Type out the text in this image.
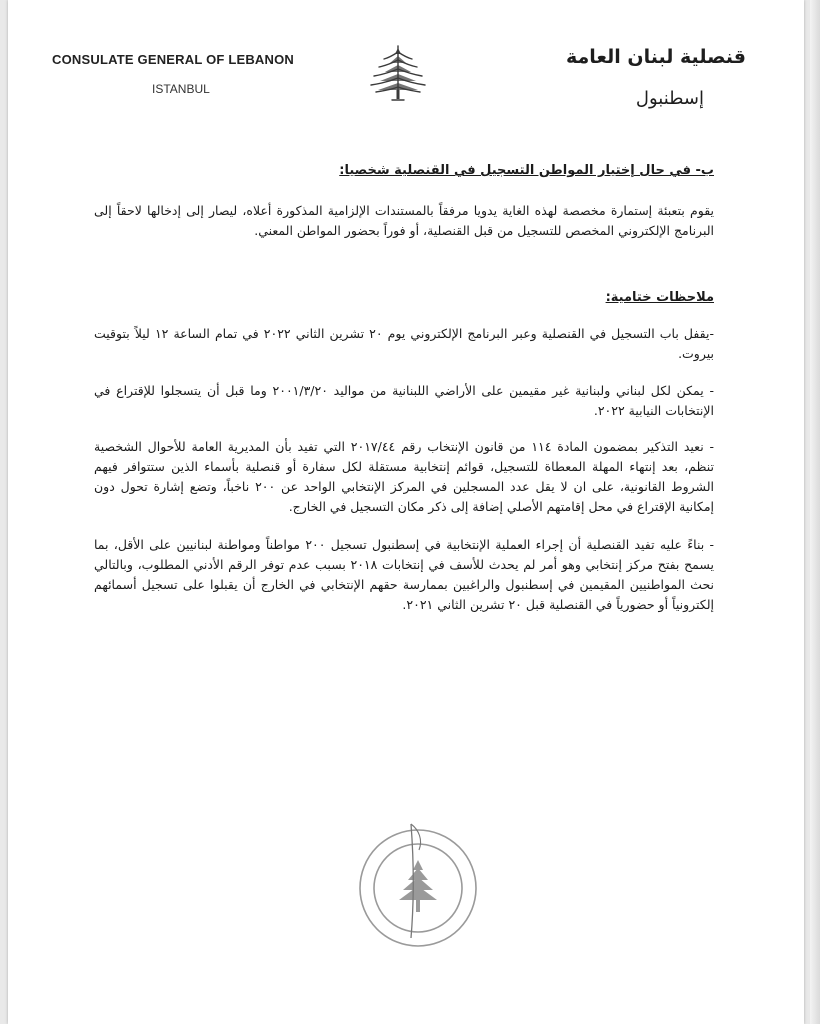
CONSULATE GENERAL OF LEBANON
ISTANBUL
قنصلية لبنان العامة
إسطنبول
ب- في حال إختيار المواطن التسجيل في القنصلية شخصيا:
يقوم بتعبئة إستمارة مخصصة لهذه الغاية يدويا مرفقاً بالمستندات الإلزامية المذكورة أعلاه، ليصار إلى إدخالها لاحقاً إلى البرنامج الإلكتروني المخصص للتسجيل من قبل القنصلية، أو فوراً بحضور المواطن المعني.
ملاحظات ختامية:
-يقفل باب التسجيل في القنصلية وعبر البرنامج الإلكتروني يوم ٢٠ تشرين الثاني ٢٠٢٢ في تمام الساعة ١٢ ليلاً بتوقيت بيروت.
- يمكن لكل لبناني ولبنانية غير مقيمين على الأراضي اللبنانية من مواليد ٢٠٠١/٣/٢٠ وما قبل أن يتسجلوا للإقتراع في الإنتخابات النيابية ٢٠٢٢.
- نعيد التذكير بمضمون المادة ١١٤ من قانون الإنتخاب رقم ٢٠١٧/٤٤ التي تفيد بأن المديرية العامة للأحوال الشخصية تنظم، بعد إنتهاء المهلة المعطاة للتسجيل، قوائم إنتخابية مستقلة لكل سفارة أو قنصلية بأسماء الذين ستتوافر فيهم الشروط القانونية، على ان لا يقل عدد المسجلين في المركز الإنتخابي الواحد عن ٢٠٠ ناخباً، وتضع إشارة تحول دون إمكانية الإقتراع في محل إقامتهم الأصلي إضافة إلى ذكر مكان التسجيل في الخارج.
- بناءً عليه تفيد القنصلية أن إجراء العملية الإنتخابية في إسطنبول تسجيل ٢٠٠ مواطناً ومواطنة لبنانيين على الأقل، بما يسمح بفتح مركز إنتخابي وهو أمر لم يحدث للأسف في إنتخابات ٢٠١٨ بسبب عدم توفر الرقم الأدني المطلوب، وبالتالي نحث المواطنيين المقيمين في إسطنبول والراغبين بممارسة حقهم الإنتخابي في الخارج أن يقبلوا على تسجيل أسمائهم إلكترونياً أو حضورياً في القنصلية قبل ٢٠ تشرين الثاني ٢٠٢١.
